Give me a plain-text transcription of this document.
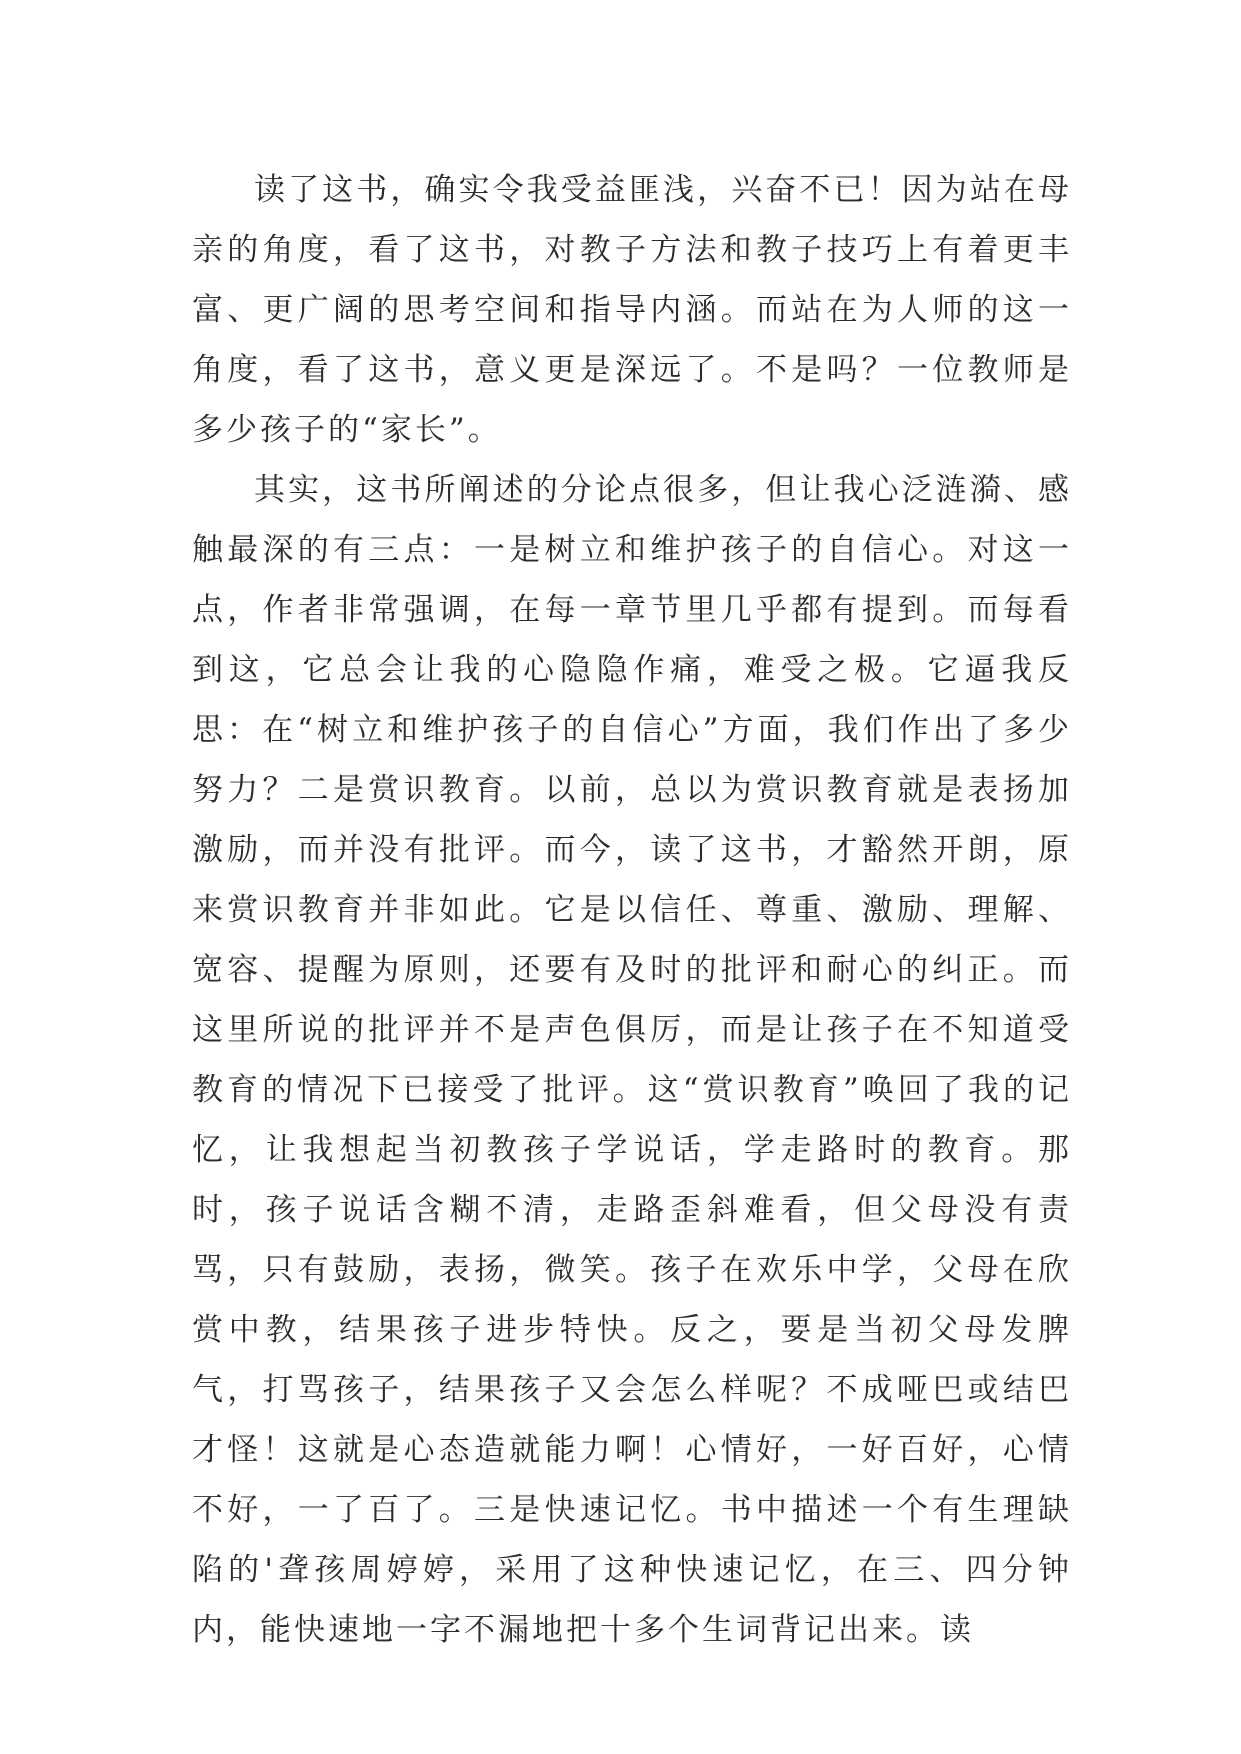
读了这书，确实令我受益匪浅，兴奋不已！因为站在母亲的角度，看了这书，对教子方法和教子技巧上有着更丰富、更广阔的思考空间和指导内涵。而站在为人师的这一角度，看了这书，意义更是深远了。不是吗？一位教师是多少孩子的“家长”。

其实，这书所阐述的分论点很多，但让我心泛涟漪、感触最深的有三点：一是树立和维护孩子的自信心。对这一点，作者非常强调，在每一章节里几乎都有提到。而每看到这，它总会让我的心隐隐作痛，难受之极。它逼我反思：在“树立和维护孩子的自信心”方面，我们作出了多少努力？二是赏识教育。以前，总以为赏识教育就是表扬加激励，而并没有批评。而今，读了这书，才豁然开朗，原来赏识教育并非如此。它是以信任、尊重、激励、理解、宽容、提醒为原则，还要有及时的批评和耐心的纠正。而这里所说的批评并不是声色俱厉，而是让孩子在不知道受教育的情况下已接受了批评。这“赏识教育”唤回了我的记忆，让我想起当初教孩子学说话，学走路时的教育。那时，孩子说话含糊不清，走路歪斜难看，但父母没有责骂，只有鼓励，表扬，微笑。孩子在欢乐中学，父母在欣赏中教，结果孩子进步特快。反之，要是当初父母发脾气，打骂孩子，结果孩子又会怎么样呢？不成哑巴或结巴才怪！这就是心态造就能力啊！心情好，一好百好，心情不好，一了百了。三是快速记忆。书中描述一个有生理缺陷的'聋孩周婷婷，采用了这种快速记忆，在三、四分钟内，能快速地一字不漏地把十多个生词背记出来。读
